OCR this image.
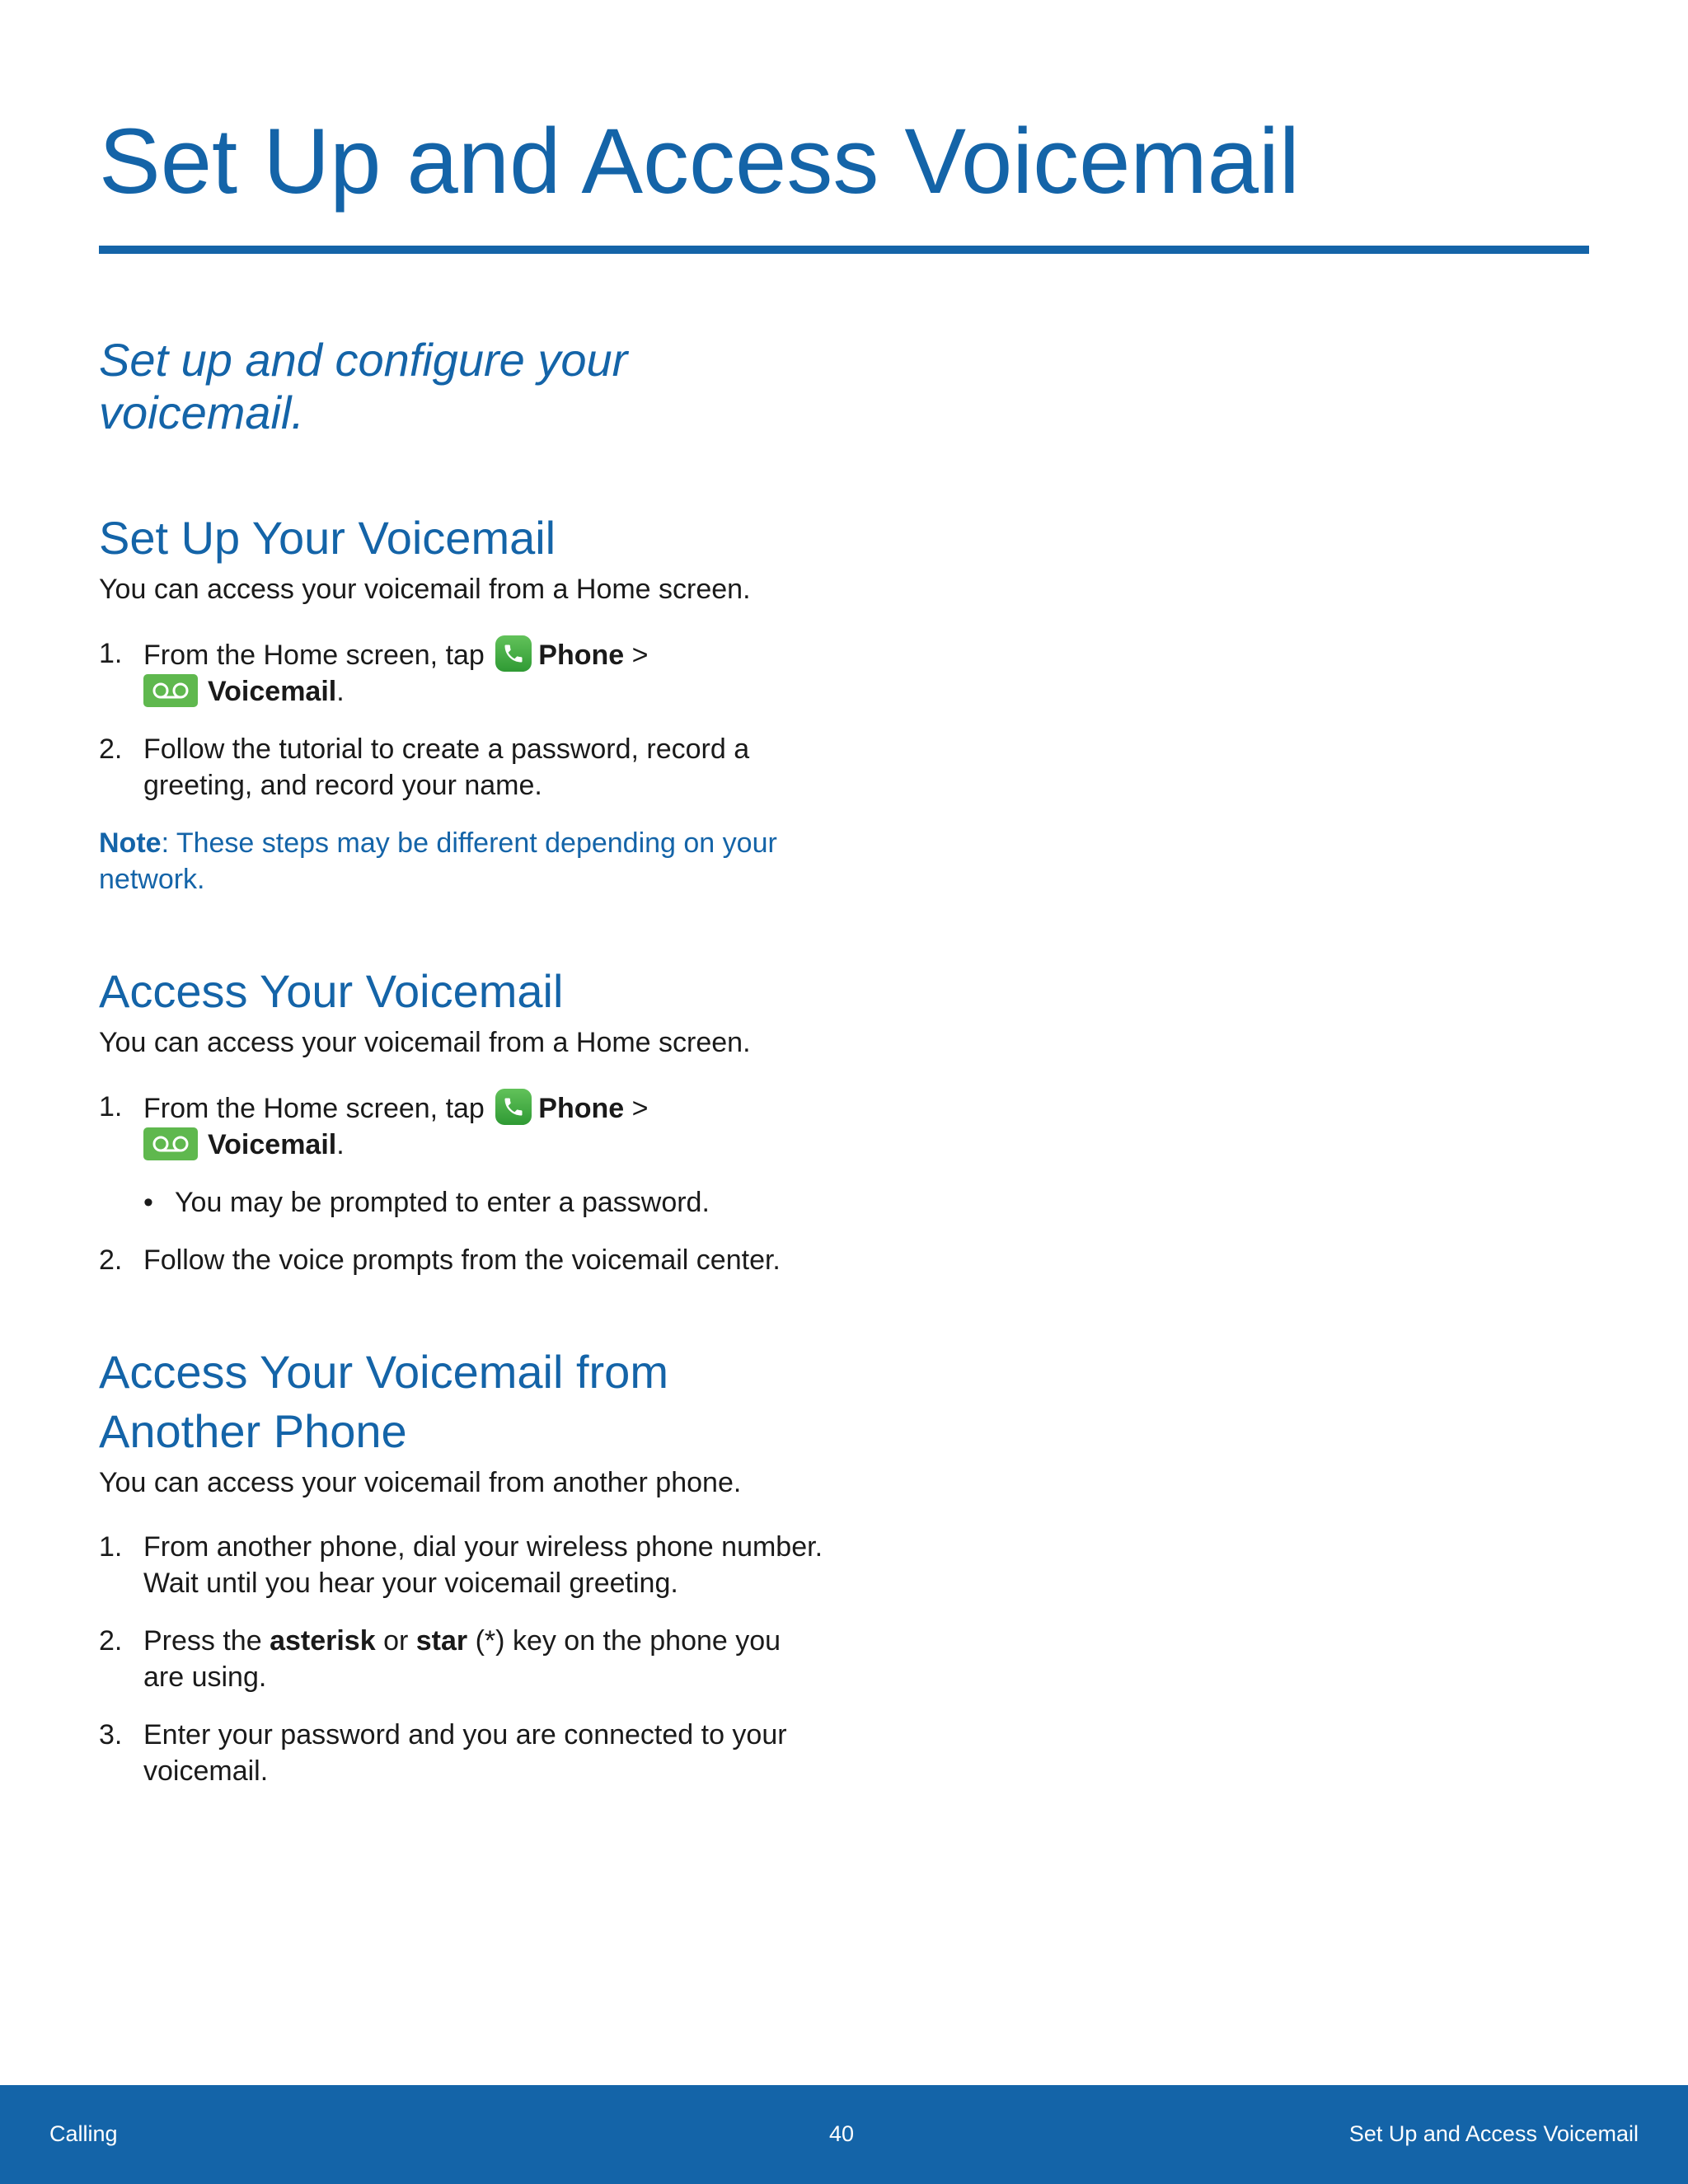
Set Up and Access Voicemail

Set up and configure your voicemail.

Set Up Your Voicemail

You can access your voicemail from a Home screen.

1. From the Home screen, tap Phone >

Voicemail.
2. Follow the tutorial to create a password, record a greeting, and record your name.

Note: These steps may be different depending on your network.

Access Your Voicemail

You can access your voicemail from a Home screen.

1. From the Home screen, tap Phone >

Voicemail.
• You may be prompted to enter a password.
2. Follow the voice prompts from the voicemail center.
Access Your Voicemail from Another Phone

You can access your voicemail from another phone.

1. From another phone, dial your wireless phone number. Wait until you hear your voicemail greeting.
2. Press the asterisk or star (*) key on the phone you are using.
3. Enter your password and you are connected to your voicemail.
Calling	40	Set Up and Access Voicemail
